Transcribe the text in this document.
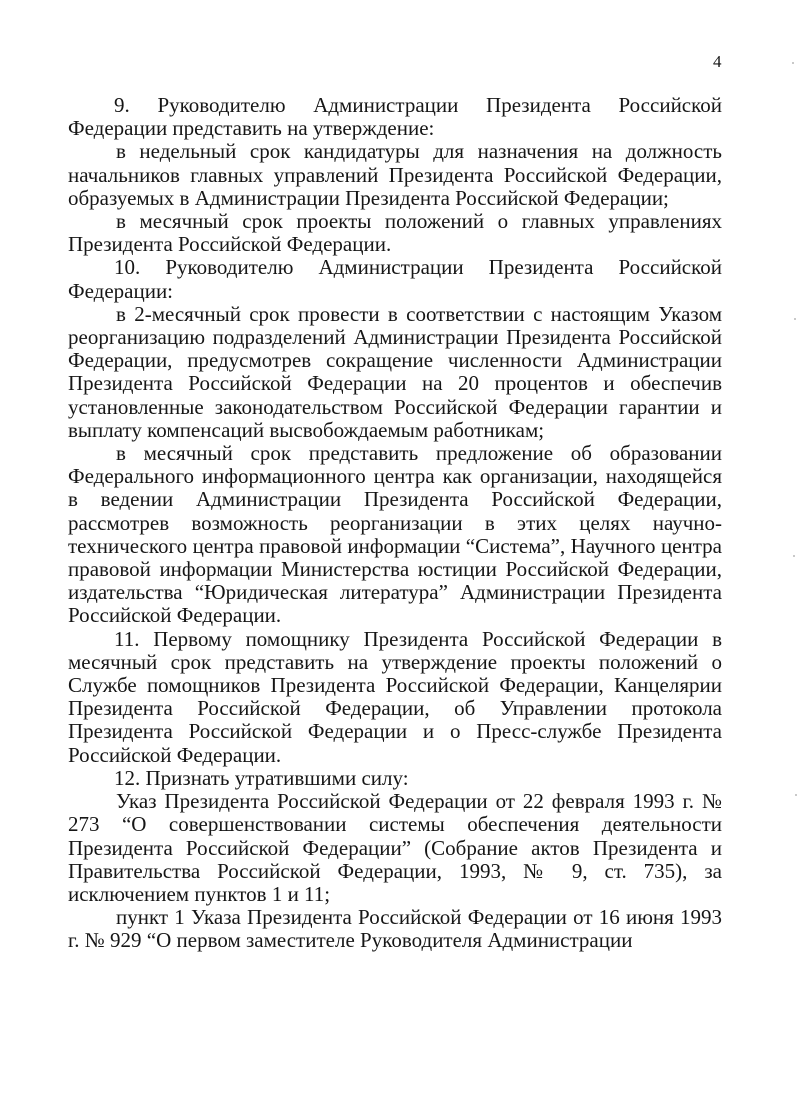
4

9. Руководителю Администрации Президента Российской Федерации представить на утверждение:

в недельный срок кандидатуры для назначения на должность начальников главных управлений Президента Российской Федерации, образуемых в Администрации Президента Российской Федерации;

в месячный срок проекты положений о главных управлениях Президента Российской Федерации.

10. Руководителю Администрации Президента Российской Федерации:

в 2-месячный срок провести в соответствии с настоящим Указом реорганизацию подразделений Администрации Президента Российской Федерации, предусмотрев сокращение численности Администрации Президента Российской Федерации на 20 процентов и обеспечив установленные законодательством Российской Федерации гарантии и выплату компенсаций высвобождаемым работникам;

в месячный срок представить предложение об образовании Федерального информационного центра как организации, находящейся в ведении Администрации Президента Российской Федерации, рассмотрев возможность реорганизации в этих целях научно-технического центра правовой информации “Система”, Научного центра правовой информации Министерства юстиции Российской Федерации, издательства “Юридическая литература” Администрации Президента Российской Федерации.

11. Первому помощнику Президента Российской Федерации в месячный срок представить на утверждение проекты положений о Службе помощников Президента Российской Федерации, Канцелярии Президента Российской Федерации, об Управлении протокола Президента Российской Федерации и о Пресс-службе Президента Российской Федерации.

12. Признать утратившими силу:

Указ Президента Российской Федерации от 22 февраля 1993 г. № 273 “О совершенствовании системы обеспечения деятельности Президента Российской Федерации” (Собрание актов Президента и Правительства Российской Федерации, 1993, № 9, ст. 735), за исключением пунктов 1 и 11;

пункт 1 Указа Президента Российской Федерации от 16 июня 1993 г. № 929 “О первом заместителе Руководителя Администрации
